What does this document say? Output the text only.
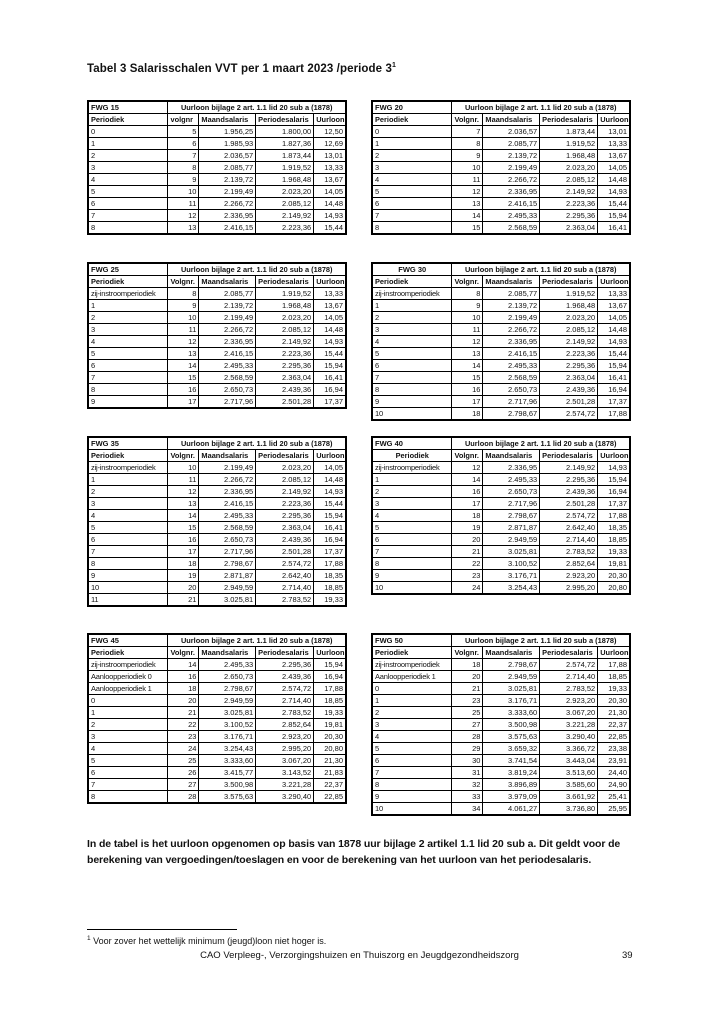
Tabel 3 Salarisschalen VVT per 1 maart 2023 /periode $3^1$
FWG 15	Uurloon bijlage 2 art. 1.1 lid 20 sub a (1878)			
Periodiek	volgnr	Maandsalaris	Periodesalaris	Uurloon
0	5	1.956,25	1.800,00	12,50
1	6	1.985,93	1.827,36	12,69
2	7	2.036,57	1.873,44	13,01
3	8	2.085,77	1.919,52	13,33
4	9	2.139,72	1.968,48	13,67
5	10	2.199,49	2.023,20	14,05
6	11	2.266,72	2.085,12	14,48
7	12	2.336,95	2.149,92	14,93
8	13	2.416,15	2.223,36	15,44
FWG 20	Uurloon bijlage 2 art. 1.1 lid 20 sub a (1878)			
Periodiek	Volgnr.	Maandsalaris	Periodesalaris	Uurloon
0	7	2.036,57	1.873,44	13,01
1	8	2.085,77	1.919,52	13,33
2	9	2.139,72	1.968,48	13,67
3	10	2.199,49	2.023,20	14,05
4	11	2.266,72	2.085,12	14,48
5	12	2.336,95	2.149,92	14,93
6	13	2.416,15	2.223,36	15,44
7	14	2.495,33	2.295,36	15,94
8	15	2.568,59	2.363,04	16,41
FWG 25	Uurloon bijlage 2 art. 1.1 lid 20 sub a (1878)			
Periodiek	Volgnr.	Maandsalaris	Periodesalaris	Uurloon
zij-instroomperiodiek	8	2.085,77	1.919,52	13,33
1	9	2.139,72	1.968,48	13,67
2	10	2.199,49	2.023,20	14,05
3	11	2.266,72	2.085,12	14,48
4	12	2.336,95	2.149,92	14,93
5	13	2.416,15	2.223,36	15,44
6	14	2.495,33	2.295,36	15,94
7	15	2.568,59	2.363,04	16,41
8	16	2.650,73	2.439,36	16,94
9	17	2.717,96	2.501,28	17,37
FWG 30	Uurloon bijlage 2 art. 1.1 lid 20 sub a (1878)			
Periodiek	Volgnr.	Maandsalaris	Periodesalaris	Uurloon
zij-instroomperiodiek	8	2.085,77	1.919,52	13,33
1	9	2.139,72	1.968,48	13,67
2	10	2.199,49	2.023,20	14,05
3	11	2.266,72	2.085,12	14,48
4	12	2.336,95	2.149,92	14,93
5	13	2.416,15	2.223,36	15,44
6	14	2.495,33	2.295,36	15,94
7	15	2.568,59	2.363,04	16,41
8	16	2.650,73	2.439,36	16,94
9	17	2.717,96	2.501,28	17,37
10	18	2.798,67	2.574,72	17,88
FWG 35	Uurloon bijlage 2 art. 1.1 lid 20 sub a (1878)			
Periodiek	Volgnr.	Maandsalaris	Periodesalaris	Uurloon
zij-instroomperiodiek	10	2.199,49	2.023,20	14,05
1	11	2.266,72	2.085,12	14,48
2	12	2.336,95	2.149,92	14,93
3	13	2.416,15	2.223,36	15,44
4	14	2.495,33	2.295,36	15,94
5	15	2.568,59	2.363,04	16,41
6	16	2.650,73	2.439,36	16,94
7	17	2.717,96	2.501,28	17,37
8	18	2.798,67	2.574,72	17,88
9	19	2.871,87	2.642,40	18,35
10	20	2.949,59	2.714,40	18,85
11	21	3.025,81	2.783,52	19,33
FWG 40	Uurloon bijlage 2 art. 1.1 lid 20 sub a (1878)			
Periodiek	Volgnr.	Maandsalaris	Periodesalaris	Uurloon
zij-instroomperiodiek	12	2.336,95	2.149,92	14,93
1	14	2.495,33	2.295,36	15,94
2	16	2.650,73	2.439,36	16,94
3	17	2.717,96	2.501,28	17,37
4	18	2.798,67	2.574,72	17,88
5	19	2.871,87	2.642,40	18,35
6	20	2.949,59	2.714,40	18,85
7	21	3.025,81	2.783,52	19,33
8	22	3.100,52	2.852,64	19,81
9	23	3.176,71	2.923,20	20,30
10	24	3.254,43	2.995,20	20,80
FWG 45	Uurloon bijlage 2 art. 1.1 lid 20 sub a (1878)			
Periodiek	Volgnr.	Maandsalaris	Periodesalaris	Uurloon
zij-instroomperiodiek	14	2.495,33	2.295,36	15,94
Aanloopperiodiek 0	16	2.650,73	2.439,36	16,94
Aanloopperiodiek 1	18	2.798,67	2.574,72	17,88
0	20	2.949,59	2.714,40	18,85
1	21	3.025,81	2.783,52	19,33
2	22	3.100,52	2.852,64	19,81
3	23	3.176,71	2.923,20	20,30
4	24	3.254,43	2.995,20	20,80
5	25	3.333,60	3.067,20	21,30
6	26	3.415,77	3.143,52	21,83
7	27	3.500,98	3.221,28	22,37
8	28	3.575,63	3.290,40	22,85
FWG 50	Uurloon bijlage 2 art. 1.1 lid 20 sub a (1878)			
Periodiek	Volgnr.	Maandsalaris	Periodesalaris	Uurloon
zij-instroomperiodiek	18	2.798,67	2.574,72	17,88
Aanloopperiodiek 1	20	2.949,59	2.714,40	18,85
0	21	3.025,81	2.783,52	19,33
1	23	3.176,71	2.923,20	20,30
2	25	3.333,60	3.067,20	21,30
3	27	3.500,98	3.221,28	22,37
4	28	3.575,63	3.290,40	22,85
5	29	3.659,32	3.366,72	23,38
6	30	3.741,54	3.443,04	23,91
7	31	3.819,24	3.513,60	24,40
8	32	3.896,89	3.585,60	24,90
9	33	3.979,09	3.661,92	25,41
10	34	4.061,27	3.736,80	25,95

In de tabel is het uurloon opgenomen op basis van 1878 uur bijlage 2 artikel 1.1 lid 20 sub a. Dit geldt voor de berekening van vergoedingen/toeslagen en voor de berekening van het uurloon van het periodesalaris.

$^1$ Voor zover het wettelijk minimum (jeugd)loon niet hoger is.

CAO Verpleeg-, Verzorgingshuizen en Thuiszorg en Jeugdgezondheidszorg	39
